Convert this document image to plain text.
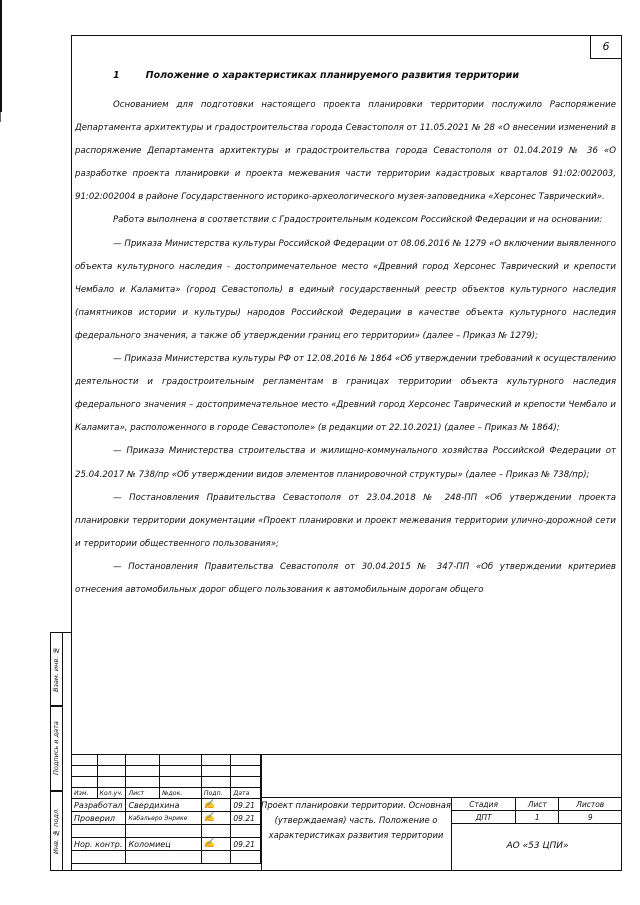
Взам. инв. №
Подпись и дата
Инв. № подл.
6
1	Положение о характеристиках планируемого развития территории

Основанием для подготовки настоящего проекта планировки территории послужило Распоряжение Департамента архитектуры и градостроительства города Севастополя от 11.05.2021 № 28 «О внесении изменений в распоряжение Департамента архитектуры и градостроительства города Севастополя от 01.04.2019 № 36 «О разработке проекта планировки и проекта межевания части территории кадастровых кварталов 91:02:002003, 91:02:002004 в районе Государственного историко-археологического музея-заповедника «Херсонес Таврический».

Работа выполнена в соответствии с Градостроительным кодексом Российской Федерации и на основании:

— Приказа Министерства культуры Российской Федерации от 08.06.2016 № 1279 «О включении выявленного объекта культурного наследия - достопримечательное место «Древний город Херсонес Таврический и крепости Чембало и Каламита» (город Севастополь) в единый государственный реестр объектов культурного наследия (памятников истории и культуры) народов Российской Федерации в качестве объекта культурного наследия федерального значения, а также об утверждении границ его территории» (далее – Приказ № 1279);

— Приказа Министерства культуры РФ от 12.08.2016 № 1864 «Об утверждении требований к осуществлению деятельности и градостроительным регламентам в границах территории объекта культурного наследия федерального значения – достопримечательное место «Древний город Херсонес Таврический и крепости Чембало и Каламита», расположенного в городе Севастополе» (в редакции от 22.10.2021) (далее – Приказ № 1864);

— Приказа Министерства строительства и жилищно-коммунального хозяйства Российской Федерации от 25.04.2017 № 738/пр «Об утверждении видов элементов планировочной структуры» (далее – Приказ № 738/пр);

— Постановления Правительства Севастополя от 23.04.2018 № 248-ПП «Об утверждении проекта планировки территории документации «Проект планировки и проект межевания территории улично-дорожной сети и территории общественного пользования»;

— Постановления Правительства Севастополя от 30.04.2015 № 347-ПП «Об утверждении критериев отнесения автомобильных дорог общего пользования к автомобильным дорогам общего

Изм.	Кол.уч.	Лист	№док.	Подп.	Дата
Разработал		Свердихина		✍	09.21
Проверил		Кабальеро Энрике		✍	09.21

Нор. контр.		Коломиец		✍	09.21

Проект планировки территории. Основная (утверждаемая) часть. Положение о характеристиках развития территории
Стадия	Лист	Листов
ДПТ	1	9
АО «53 ЦПИ»
